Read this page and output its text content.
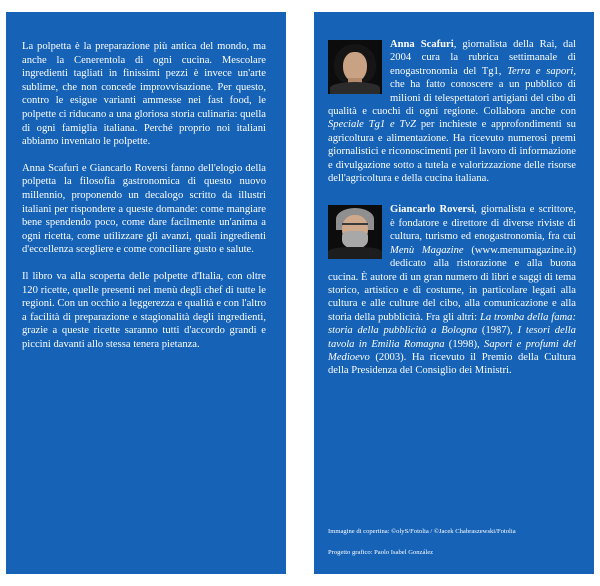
La polpetta è la preparazione più antica del mondo, ma anche la Cenerentola di ogni cucina. Mescolare ingredienti tagliati in finissimi pezzi è invece un'arte sublime, che non concede improvvisazione. Per questo, contro le esigue varianti ammesse nei fast food, le polpette ci riducano a una gloriosa storia culinaria: quella di ogni famiglia italiana. Perché proprio noi italiani abbiamo inventato le polpette.

Anna Scafuri e Giancarlo Roversi fanno dell'elogio della polpetta la filosofia gastronomica di questo nuovo millennio, proponendo un decalogo scritto da illustri italiani per rispondere a queste domande: come mangiare bene spendendo poco, come dare facilmente un'anima a ogni ricetta, come utilizzare gli avanzi, quali ingredienti d'eccellenza scegliere e come conciliare gusto e salute.

Il libro va alla scoperta delle polpette d'Italia, con oltre 120 ricette, quelle presenti nei menù degli chef di tutte le regioni. Con un occhio a leggerezza e qualità e con l'altro a facilità di preparazione e stagionalità degli ingredienti, grazie a queste ricette saranno tutti d'accordo grandi e piccini davanti allo stessa tenera pietanza.

Anna Scafuri, giornalista della Rai, dal 2004 cura la rubrica settimanale di enogastronomia del Tg1, Terra e sapori, che ha fatto conoscere a un pubblico di milioni di telespettatori artigiani del cibo di qualità e cuochi di ogni regione. Collabora anche con Speciale Tg1 e TvZ per inchieste e approfondimenti su agricoltura e alimentazione. Ha ricevuto numerosi premi giornalistici e riconoscimenti per il lavoro di informazione e divulgazione sotto a tutela e valorizzazione delle risorse dell'agricoltura e della cucina italiana.
Giancarlo Roversi, giornalista e scrittore, è fondatore e direttore di diverse riviste di cultura, turismo ed enogastronomia, fra cui Menù Magazine (www.menumagazine.it) dedicato alla ristorazione e alla buona cucina. È autore di un gran numero di libri e saggi di tema storico, artistico e di costume, in particolare legati alla cultura e alle culture del cibo, alla comunicazione e alla storia della pubblicità. Fra gli altri: La tromba della fama: storia della pubblicità a Bologna (1987), I tesori della tavola in Emilia Romagna (1998), Sapori e profumi del Medioevo (2003). Ha ricevuto il Premio della Cultura della Presidenza del Consiglio dei Ministri.
Immagine di copertina: ©olyS/Fotolia / ©Jacek Chabraszewski/Fotolia
Progetto grafico: Paolo Isabel González
